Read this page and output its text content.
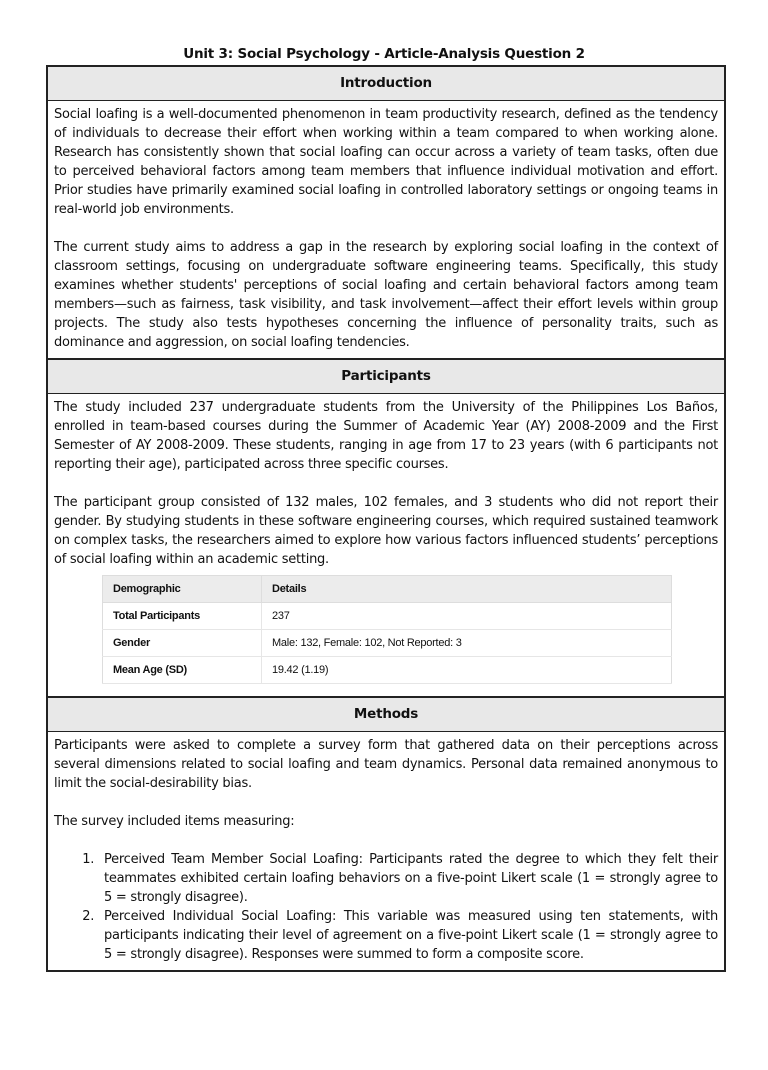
Unit 3: Social Psychology - Article-Analysis Question 2
Introduction

Social loafing is a well-documented phenomenon in team productivity research, defined as the tendency of individuals to decrease their effort when working within a team compared to when working alone. Research has consistently shown that social loafing can occur across a variety of team tasks, often due to perceived behavioral factors among team members that influence individual motivation and effort. Prior studies have primarily examined social loafing in controlled laboratory settings or ongoing teams in real-world job environments.

The current study aims to address a gap in the research by exploring social loafing in the context of classroom settings, focusing on undergraduate software engineering teams. Specifically, this study examines whether students' perceptions of social loafing and certain behavioral factors among team members—such as fairness, task visibility, and task involvement—affect their effort levels within group projects. The study also tests hypotheses concerning the influence of personality traits, such as dominance and aggression, on social loafing tendencies.

Participants

The study included 237 undergraduate students from the University of the Philippines Los Baños, enrolled in team-based courses during the Summer of Academic Year (AY) 2008-2009 and the First Semester of AY 2008-2009. These students, ranging in age from 17 to 23 years (with 6 participants not reporting their age), participated across three specific courses.

The participant group consisted of 132 males, 102 females, and 3 students who did not report their gender. By studying students in these software engineering courses, which required sustained teamwork on complex tasks, the researchers aimed to explore how various factors influenced students’ perceptions of social loafing within an academic setting.

Demographic	Details
Total Participants	237
Gender	Male: 132, Female: 102, Not Reported: 3
Mean Age (SD)	19.42 (1.19)
Methods

Participants were asked to complete a survey form that gathered data on their perceptions across several dimensions related to social loafing and team dynamics. Personal data remained anonymous to limit the social-desirability bias.

The survey included items measuring:

1. Perceived Team Member Social Loafing: Participants rated the degree to which they felt their teammates exhibited certain loafing behaviors on a five-point Likert scale (1 = strongly agree to 5 = strongly disagree).
2. Perceived Individual Social Loafing: This variable was measured using ten statements, with participants indicating their level of agreement on a five-point Likert scale (1 = strongly agree to 5 = strongly disagree). Responses were summed to form a composite score.
